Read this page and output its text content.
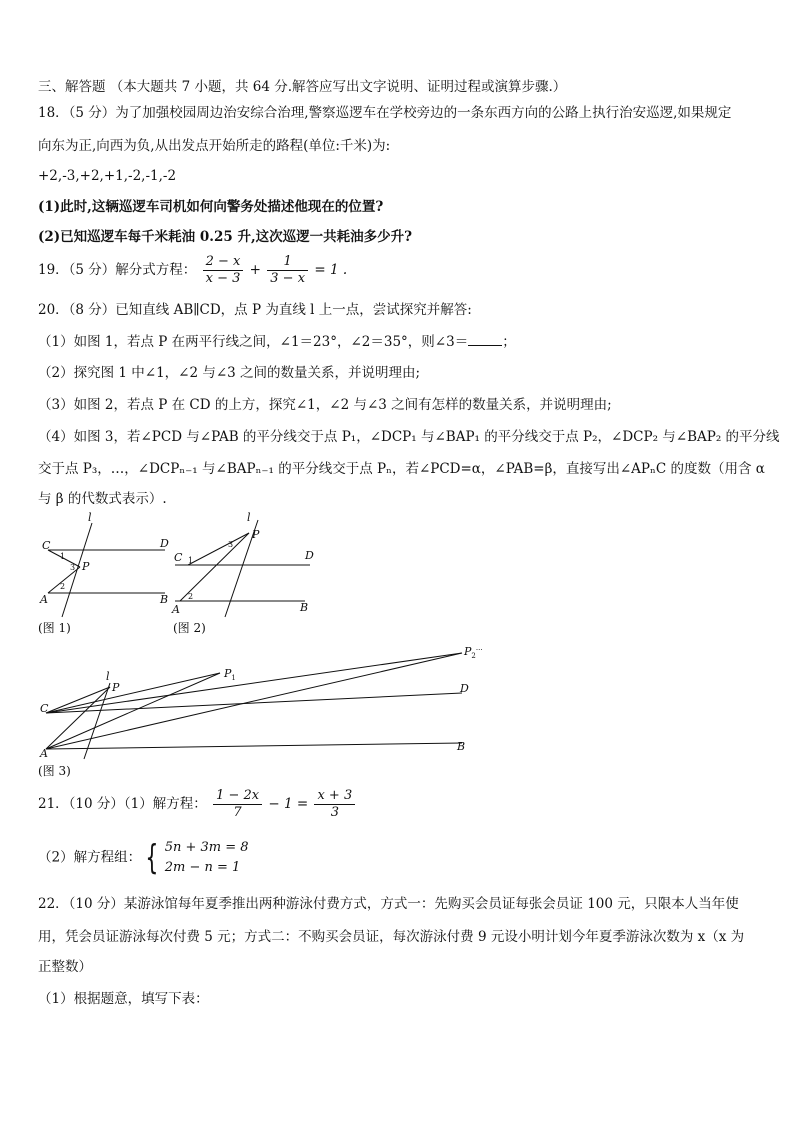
三、解答题 （本大题共 7 小题，共 64 分.解答应写出文字说明、证明过程或演算步骤.）
18．（5 分）为了加强校园周边治安综合治理,警察巡逻车在学校旁边的一条东西方向的公路上执行治安巡逻,如果规定
向东为正,向西为负,从出发点开始所走的路程(单位:千米)为:
+2,-3,+2,+1,-2,-1,-2
(1)此时,这辆巡逻车司机如何向警务处描述他现在的位置?
(2)已知巡逻车每千米耗油 0.25 升,这次巡逻一共耗油多少升?
19．（5 分）解分式方程： $\frac{2 - x}{x - 3} + \frac{1}{3 - x} = 1$ .
20．（8 分）已知直线 AB∥CD，点 P 为直线 l 上一点，尝试探究并解答:
（1）如图 1，若点 P 在两平行线之间，∠1＝23°，∠2＝35°，则∠3＝	；
（2）探究图 1 中∠1，∠2 与∠3 之间的数量关系，并说明理由;
（3）如图 2，若点 P 在 CD 的上方，探究∠1，∠2 与∠3 之间有怎样的数量关系，并说明理由;
（4）如图 3，若∠PCD 与∠PAB 的平分线交于点 P₁，∠DCP₁ 与∠BAP₁ 的平分线交于点 P₂，∠DCP₂ 与∠BAP₂ 的平分线
交于点 P₃，…，∠DCPₙ₋₁ 与∠BAPₙ₋₁ 的平分线交于点 Pₙ，若∠PCD=α，∠PAB=β，直接写出∠APₙC 的度数（用含 α
与 β 的代数式表示）.
l
C	D
P
A	B
1
3
2
l
P
C	D
A	B
3
1
2
l
P
$P_1$
$P_2^{\cdot\cdot\cdot}$
C
D
A
B
(图 1)	(图 2)
(图 3)
21．（10 分）（1）解方程： $\frac{1 - 2x}{7} - 1 = \frac{x + 3}{3}$
（2）解方程组： { 5n + 3m = 8
2m − n = 1
22．（10 分）某游泳馆每年夏季推出两种游泳付费方式，方式一：先购买会员证每张会员证 100 元，只限本人当年使
用，凭会员证游泳每次付费 5 元；方式二：不购买会员证，每次游泳付费 9 元设小明计划今年夏季游泳次数为 x（x 为
正整数）
（1）根据题意，填写下表：
